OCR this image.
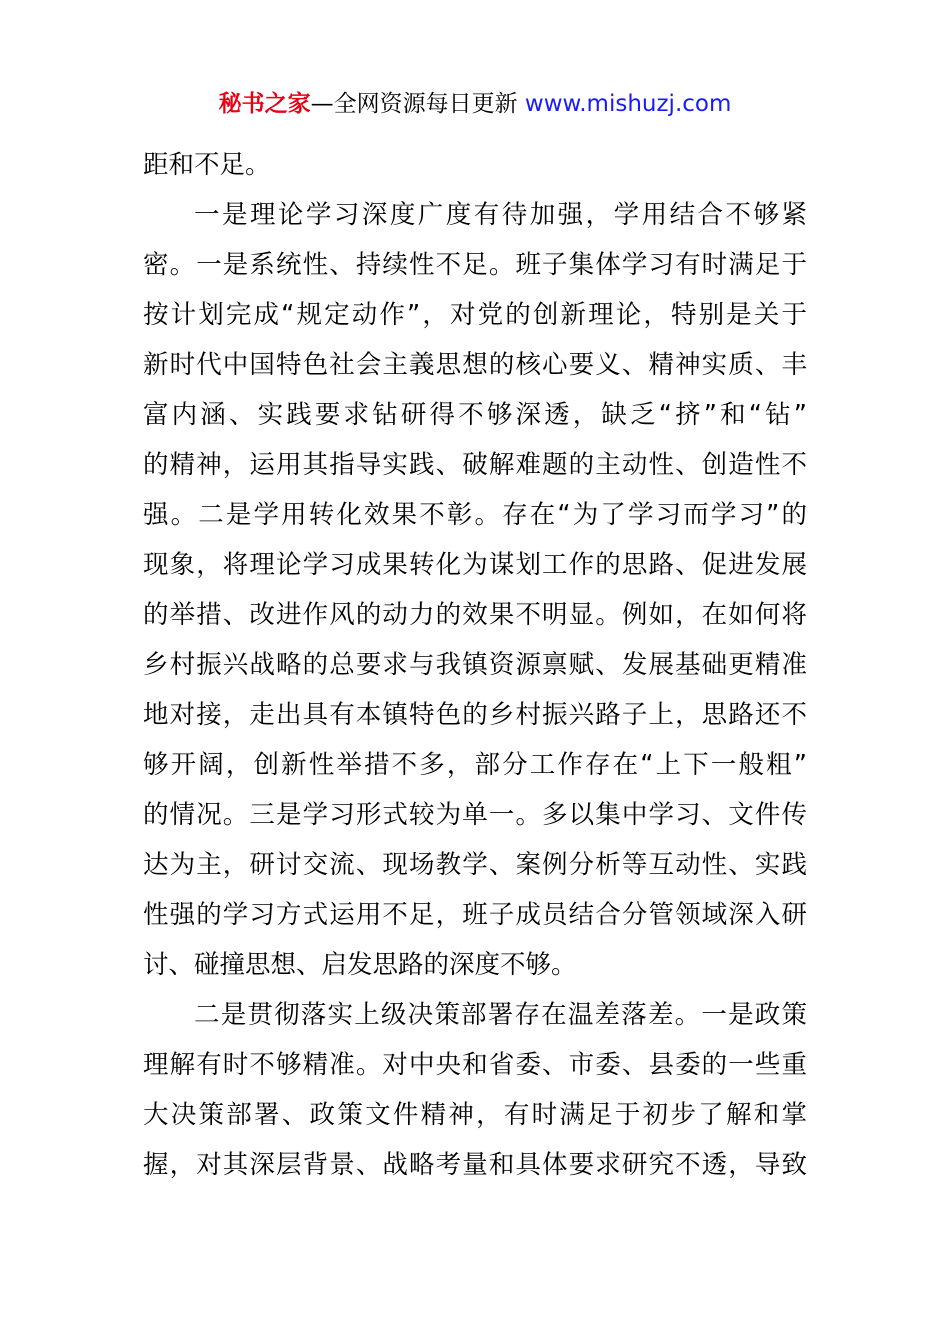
秘书之家—全网资源每日更新 www.mishuzj.com
距和不足。
一是理论学习深度广度有待加强，学用结合不够紧
密。一是系统性、持续性不足。班子集体学习有时满足于
按计划完成“规定动作”，对党的创新理论，特别是关于
新时代中国特色社会主義思想的核心要义、精神实质、丰
富内涵、实践要求钻研得不够深透，缺乏“挤”和“钻”
的精神，运用其指导实践、破解难题的主动性、创造性不
强。二是学用转化效果不彰。存在“为了学习而学习”的
现象，将理论学习成果转化为谋划工作的思路、促进发展
的举措、改进作风的动力的效果不明显。例如，在如何将
乡村振兴战略的总要求与我镇资源禀赋、发展基础更精准
地对接，走出具有本镇特色的乡村振兴路子上，思路还不
够开阔，创新性举措不多，部分工作存在“上下一般粗”
的情况。三是学习形式较为单一。多以集中学习、文件传
达为主，研讨交流、现场教学、案例分析等互动性、实践
性强的学习方式运用不足，班子成员结合分管领域深入研
讨、碰撞思想、启发思路的深度不够。
二是贯彻落实上级决策部署存在温差落差。一是政策
理解有时不够精准。对中央和省委、市委、县委的一些重
大决策部署、政策文件精神，有时满足于初步了解和掌
握，对其深层背景、战略考量和具体要求研究不透，导致
